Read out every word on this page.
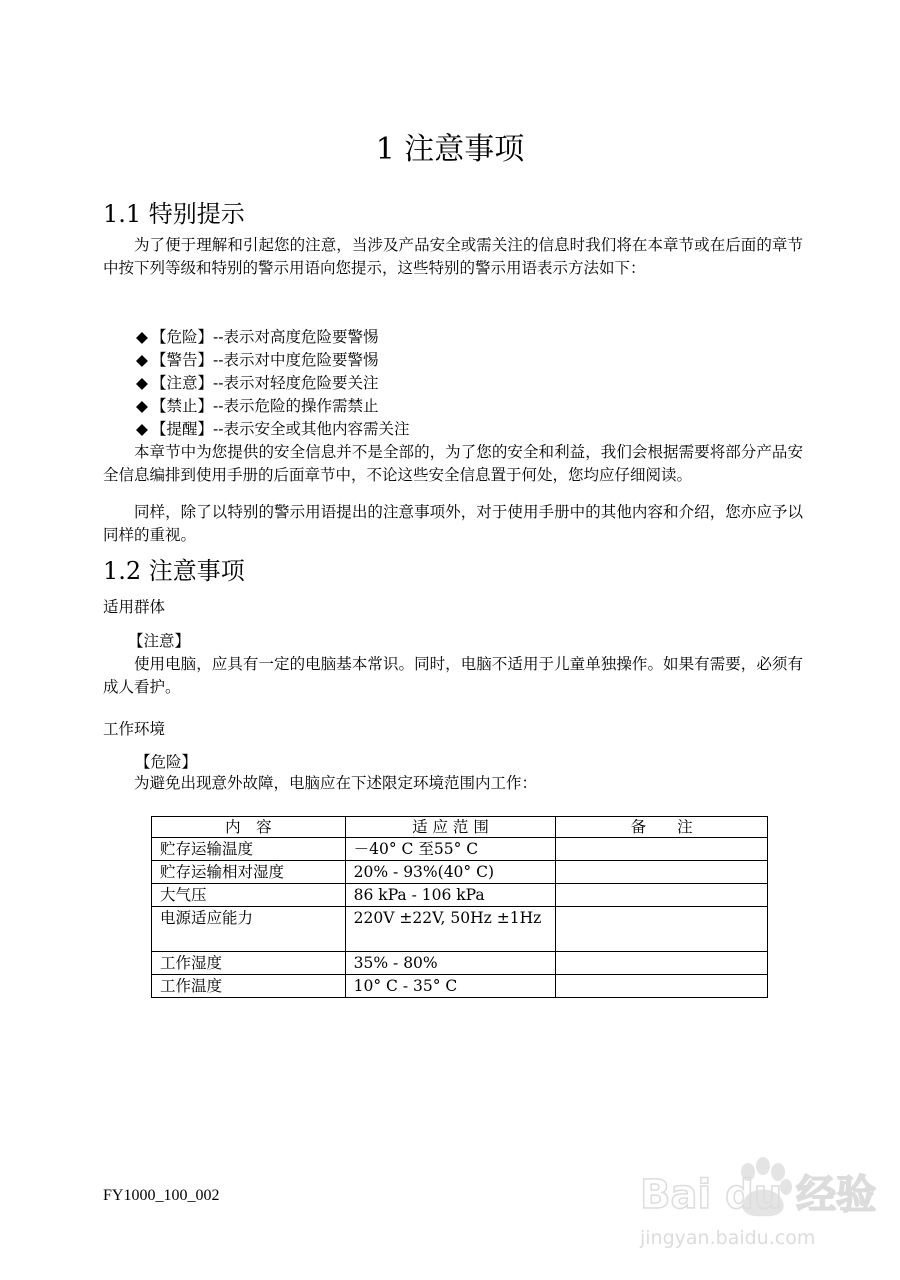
1 注意事项
1.1 特别提示
为了便于理解和引起您的注意，当涉及产品安全或需关注的信息时我们将在本章节或在后面的章节中按下列等级和特别的警示用语向您提示，这些特别的警示用语表示方法如下：
◆ 【危险】--表示对高度危险要警惕
◆ 【警告】--表示对中度危险要警惕
◆ 【注意】--表示对轻度危险要关注
◆ 【禁止】--表示危险的操作需禁止
◆ 【提醒】--表示安全或其他内容需关注
本章节中为您提供的安全信息并不是全部的，为了您的安全和利益，我们会根据需要将部分产品安全信息编排到使用手册的后面章节中，不论这些安全信息置于何处，您均应仔细阅读。
同样，除了以特别的警示用语提出的注意事项外，对于使用手册中的其他内容和介绍，您亦应予以同样的重视。
1.2 注意事项
适用群体
【注意】
使用电脑，应具有一定的电脑基本常识。同时，电脑不适用于儿童单独操作。如果有需要，必须有成人看护。
工作环境
【危险】
为避免出现意外故障，电脑应在下述限定环境范围内工作：
内　容	适 应 范 围	备　　注
贮存运输温度	－40° C 至55° C	
贮存运输相对湿度	20% - 93%(40° C)	
大气压	86 kPa - 106 kPa	
电源适应能力	220V ±22V, 50Hz ±1Hz	
工作湿度	35% - 80%	
工作温度	10° C - 35° C	
FY1000_100_002	Bai du 经验
jingyan.baidu.com
